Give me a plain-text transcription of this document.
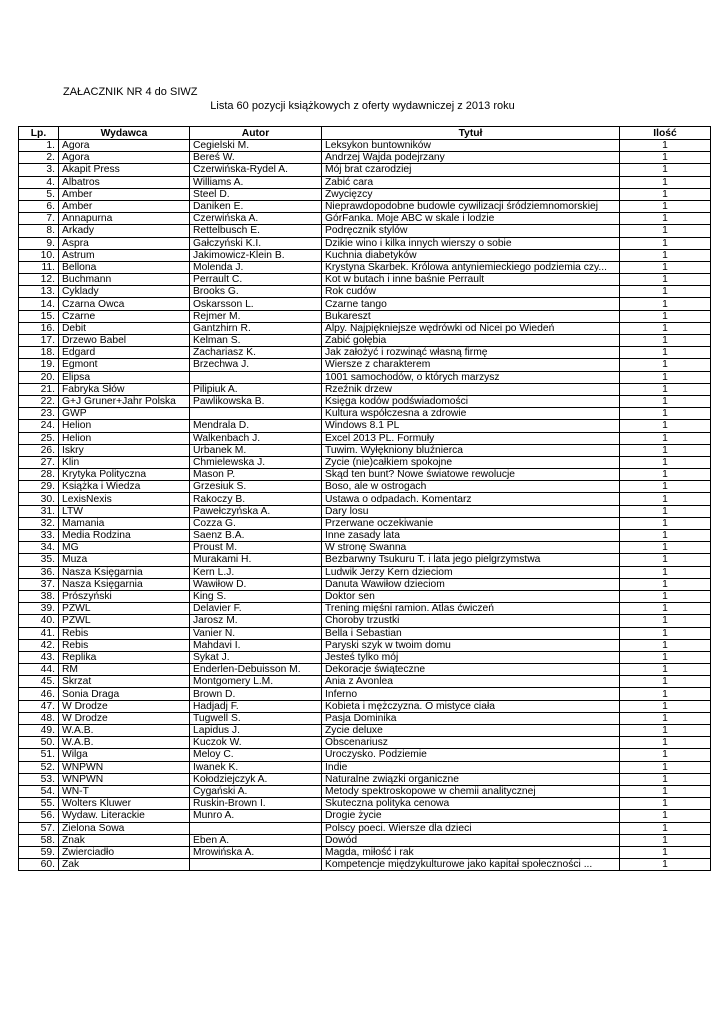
ZAŁACZNIK NR 4 do SIWZ
Lista 60 pozycji książkowych z oferty wydawniczej z 2013 roku
Lp.	Wydawca	Autor	Tytuł	Ilość
1.	Agora	Cegielski M.	Leksykon buntowników	1
2.	Agora	Bereś W.	Andrzej Wajda podejrzany	1
3.	Akapit Press	Czerwińska-Rydel A.	Mój brat czarodziej	1
4.	Albatros	Williams A.	Zabić cara	1
5.	Amber	Steel D.	Zwycięzcy	1
6.	Amber	Daniken E.	Nieprawdopodobne budowle cywilizacji śródziemnomorskiej	1
7.	Annapurna	Czerwińska A.	GórFanka. Moje ABC w skale i lodzie	1
8.	Arkady	Rettelbusch E.	Podręcznik stylów	1
9.	Aspra	Gałczyński K.I.	Dzikie wino i kilka innych wierszy o sobie	1
10.	Astrum	Jakimowicz-Klein B.	Kuchnia diabetyków	1
11.	Bellona	Molenda J.	Krystyna Skarbek. Królowa antyniemieckiego podziemia czy...	1
12.	Buchmann	Perrault C.	Kot w butach i inne baśnie Perrault	1
13.	Cyklady	Brooks G.	Rok cudów	1
14.	Czarna Owca	Oskarsson L.	Czarne tango	1
15.	Czarne	Rejmer M.	Bukareszt	1
16.	Debit	Gantzhirn R.	Alpy. Najpiękniejsze wędrówki od Nicei po Wiedeń	1
17.	Drzewo Babel	Kelman S.	Zabić gołębia	1
18.	Edgard	Zachariasz K.	Jak założyć i rozwinąć własną firmę	1
19.	Egmont	Brzechwa J.	Wiersze z charakterem	1
20.	Elipsa		1001 samochodów, o których marzysz	1
21.	Fabryka Słów	Pilipiuk A.	Rzeźnik drzew	1
22.	G+J Gruner+Jahr Polska	Pawlikowska B.	Księga kodów podświadomości	1
23.	GWP		Kultura współczesna a zdrowie	1
24.	Helion	Mendrala D.	Windows 8.1 PL	1
25.	Helion	Walkenbach J.	Excel 2013 PL. Formuły	1
26.	Iskry	Urbanek M.	Tuwim. Wyłękniony bluźnierca	1
27.	Klin	Chmielewska J.	Życie (nie)całkiem spokojne	1
28.	Krytyka Polityczna	Mason P.	Skąd ten bunt? Nowe światowe rewolucje	1
29.	Książka i Wiedza	Grzesiuk S.	Boso, ale w ostrogach	1
30.	LexisNexis	Rakoczy B.	Ustawa o odpadach. Komentarz	1
31.	LTW	Pawełczyńska A.	Dary losu	1
32.	Mamania	Cozza G.	Przerwane oczekiwanie	1
33.	Media Rodzina	Saenz B.A.	Inne zasady lata	1
34.	MG	Proust M.	W stronę Swanna	1
35.	Muza	Murakami H.	Bezbarwny Tsukuru T. i lata jego pielgrzymstwa	1
36.	Nasza Księgarnia	Kern L.J.	Ludwik Jerzy Kern dzieciom	1
37.	Nasza Księgarnia	Wawiłow D.	Danuta Wawiłow dzieciom	1
38.	Prószyński	King S.	Doktor sen	1
39.	PZWL	Delavier F.	Trening mięśni ramion. Atlas ćwiczeń	1
40.	PZWL	Jarosz M.	Choroby trzustki	1
41.	Rebis	Vanier N.	Bella i Sebastian	1
42.	Rebis	Mahdavi I.	Paryski szyk w twoim domu	1
43.	Replika	Sykat J.	Jesteś tylko mój	1
44.	RM	Enderlen-Debuisson M.	Dekoracje świąteczne	1
45.	Skrzat	Montgomery L.M.	Ania z Avonlea	1
46.	Sonia Draga	Brown D.	Inferno	1
47.	W Drodze	Hadjadj F.	Kobieta i mężczyzna. O mistyce ciała	1
48.	W Drodze	Tugwell S.	Pasja Dominika	1
49.	W.A.B.	Lapidus J.	Życie deluxe	1
50.	W.A.B.	Kuczok W.	Obscenariusz	1
51.	Wilga	Meloy C.	Uroczysko. Podziemie	1
52.	WNPWN	Iwanek K.	Indie	1
53.	WNPWN	Kołodziejczyk A.	Naturalne związki organiczne	1
54.	WN-T	Cygański A.	Metody spektroskopowe w chemii analitycznej	1
55.	Wolters Kluwer	Ruskin-Brown I.	Skuteczna polityka cenowa	1
56.	Wydaw. Literackie	Munro A.	Drogie życie	1
57.	Zielona Sowa		Polscy poeci. Wiersze dla dzieci	1
58.	Znak	Eben A.	Dowód	1
59.	Zwierciadło	Mrowińska A.	Magda, miłość i rak	1
60.	Żak		Kompetencje międzykulturowe jako kapitał społeczności ...	1
